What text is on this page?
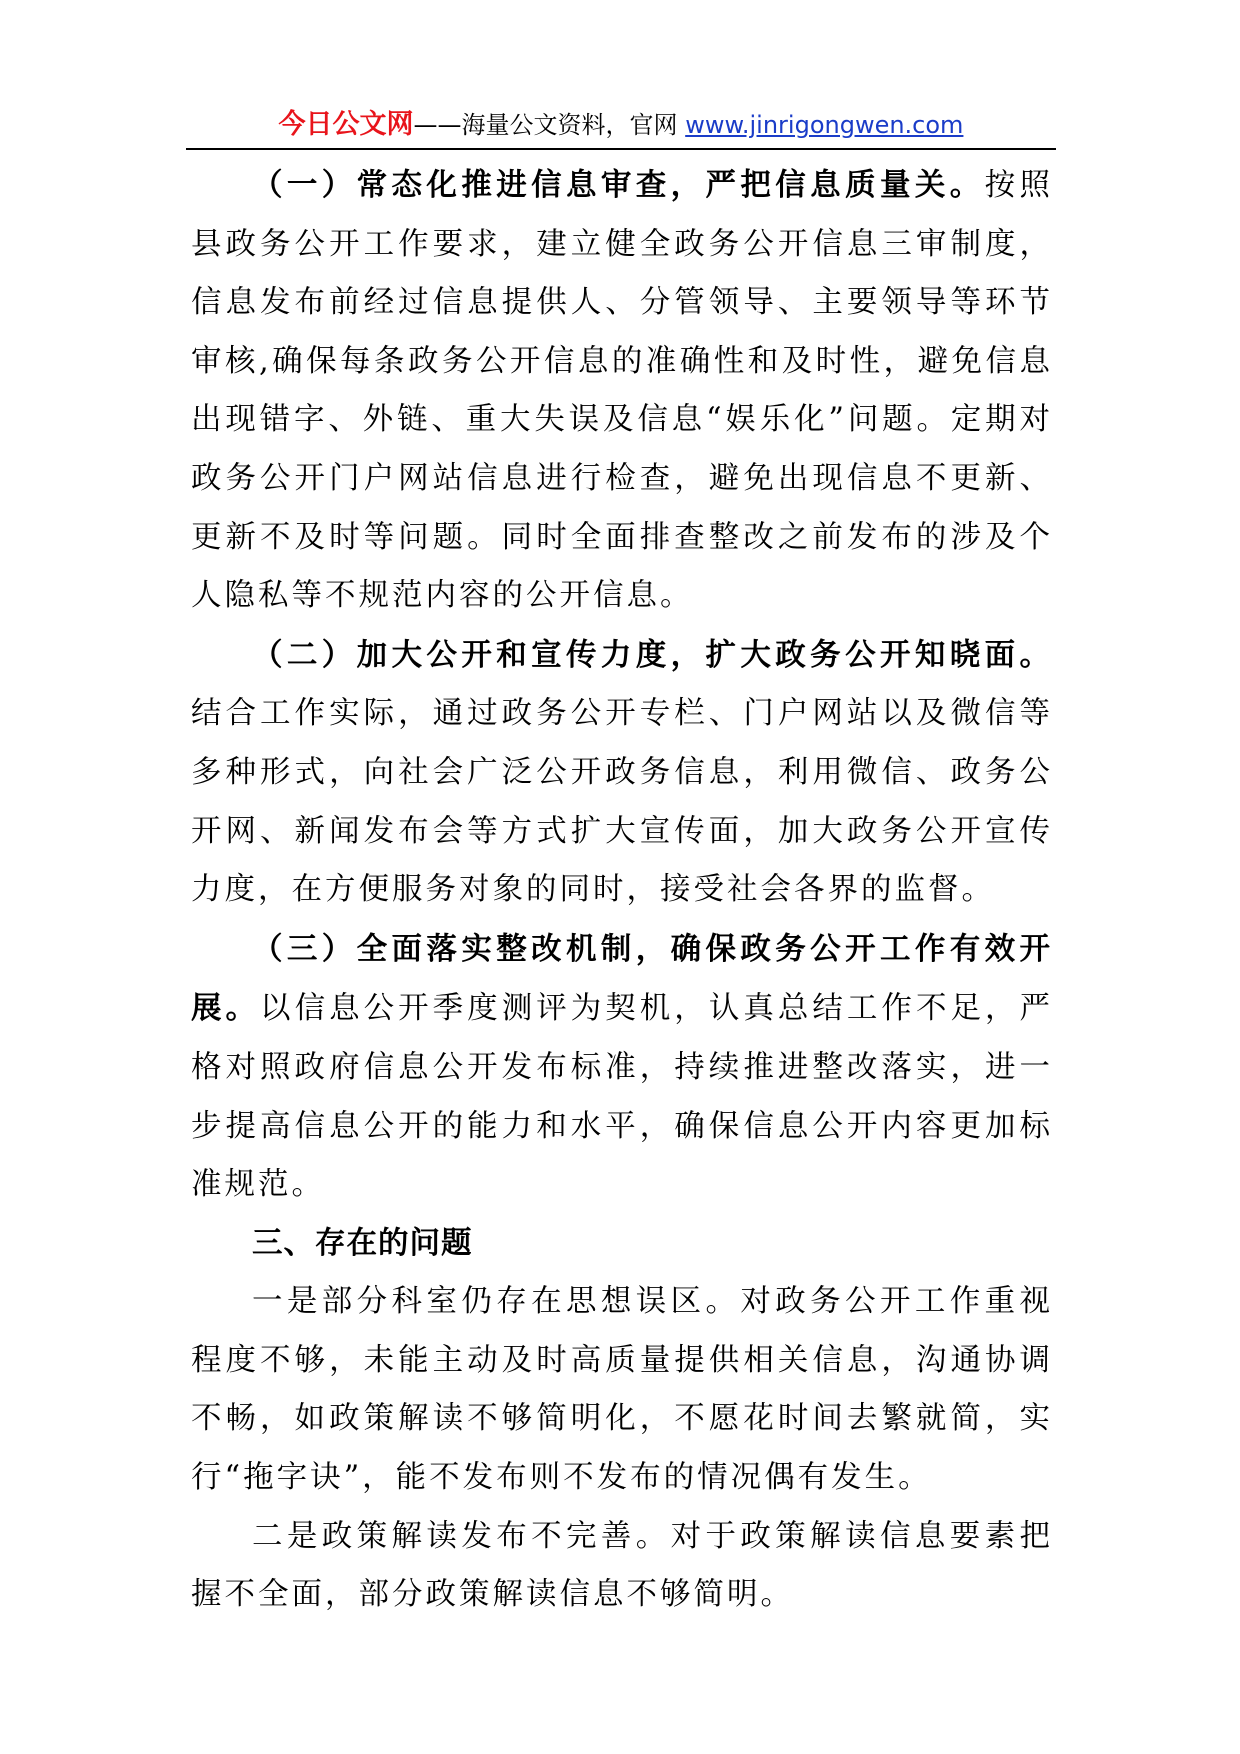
今日公文网——海量公文资料，官网 www.jinrigongwen.com

（一）常态化推进信息审查，严把信息质量关。按照县政务公开工作要求，建立健全政务公开信息三审制度，信息发布前经过信息提供人、分管领导、主要领导等环节审核,确保每条政务公开信息的准确性和及时性，避免信息出现错字、外链、重大失误及信息“娱乐化”问题。定期对政务公开门户网站信息进行检查，避免出现信息不更新、更新不及时等问题。同时全面排查整改之前发布的涉及个人隐私等不规范内容的公开信息。

（二）加大公开和宣传力度，扩大政务公开知晓面。结合工作实际，通过政务公开专栏、门户网站以及微信等多种形式，向社会广泛公开政务信息，利用微信、政务公开网、新闻发布会等方式扩大宣传面，加大政务公开宣传力度，在方便服务对象的同时，接受社会各界的监督。

（三）全面落实整改机制，确保政务公开工作有效开展。以信息公开季度测评为契机，认真总结工作不足，严格对照政府信息公开发布标准，持续推进整改落实，进一步提高信息公开的能力和水平，确保信息公开内容更加标准规范。

三、存在的问题

一是部分科室仍存在思想误区。对政务公开工作重视程度不够，未能主动及时高质量提供相关信息，沟通协调不畅，如政策解读不够简明化，不愿花时间去繁就简，实行“拖字诀”，能不发布则不发布的情况偶有发生。

二是政策解读发布不完善。对于政策解读信息要素把握不全面，部分政策解读信息不够简明。
